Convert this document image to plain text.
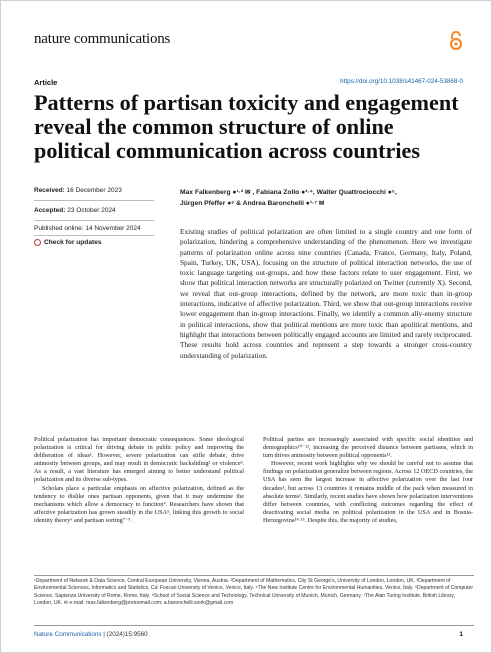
nature communications
Article	https://doi.org/10.1038/s41467-024-53868-0
Patterns of partisan toxicity and engagement reveal the common structure of online political communication across countries
Received: 16 December 2023
Accepted: 23 October 2024
Published online: 14 November 2024
Check for updates
Max Falkenberg ●¹·² ✉ , Fabiana Zollo ●³·⁴, Walter Quattrociocchi ●⁵,
Jürgen Pfeffer ●⁶ & Andrea Baronchelli ●¹·⁷ ✉

Existing studies of political polarization are often limited to a single country and one form of polarization, hindering a comprehensive understanding of the phenomenon. Here we investigate patterns of polarization online across nine countries (Canada, France, Germany, Italy, Poland, Spain, Turkey, UK, USA), focusing on the structure of political interaction networks, the use of toxic language targeting out-groups, and how these factors relate to user engagement. First, we show that political interaction networks are structurally polarized on Twitter (currently X). Second, we reveal that out-group interactions, defined by the network, are more toxic than in-group interactions, indicative of affective polarization. Third, we show that out-group interactions receive lower engagement than in-group interactions. Finally, we identify a common ally-enemy structure in political interactions, show that political mentions are more toxic than apolitical mentions, and highlight that interactions between politically engaged accounts are limited and rarely reciprocated. These results hold across countries and represent a step towards a stronger cross-country understanding of polarization.

Political polarization has important democratic consequences. Some ideological polarization is critical for driving debate in public policy and improving the deliberation of ideas¹. However, severe polarization can stifle debate, drive animosity between groups, and may result in democratic backsliding² or violence³. As a result, a vast literature has emerged aiming to better understand political polarization and its diverse sub-types.

Scholars place a particular emphasis on affective polarization, defined as the tendency to dislike ones partisan opponents, given that it may undermine the mechanisms which allow a democracy to function⁴. Researchers have shown that affective polarization has grown steadily in the USA⁵, linking this growth to social identity theory⁶ and partisan sorting⁷⁻⁹.

Political parties are increasingly associated with specific social identities and demographics¹⁰⁻¹², increasing the perceived distance between partisans, which in turn drives animosity between political opponents¹³.

However, recent work highlights why we should be careful not to assume that findings on polarization generalize between regions. Across 12 OECD countries, the USA has seen the largest increase in affective polarization over the last four decades¹, but across 13 countries it remains middle of the pack when measured in absolute terms¹. Similarly, recent studies have shown how polarization interventions differ between countries, with conflicting outcomes regarding the effect of deactivating social media on political polarization in the USA and in Bosnia-Herzegovina¹⁴·¹⁵. Despite this, the majority of studies,

¹Department of Network & Data Science, Central European University, Vienna, Austria. ²Department of Mathematics, City St George's, University of London, London, UK. ³Department of Environmental Sciences, Informatics and Statistics, Ca' Foscari University of Venice, Venice, Italy. ⁴The New Institute Centre for Environmental Humanities, Venice, Italy. ⁵Department of Computer Science, Sapienza University of Rome, Rome, Italy. ⁶School of Social Science and Technology, Technical University of Munich, Munich, Germany. ⁷The Alan Turing Institute, British Library, London, UK. ✉ e-mail: max.falkenberg@protonmail.com; a.baronchelli.work@gmail.com
Nature Communications | (2024)15:9560	1
